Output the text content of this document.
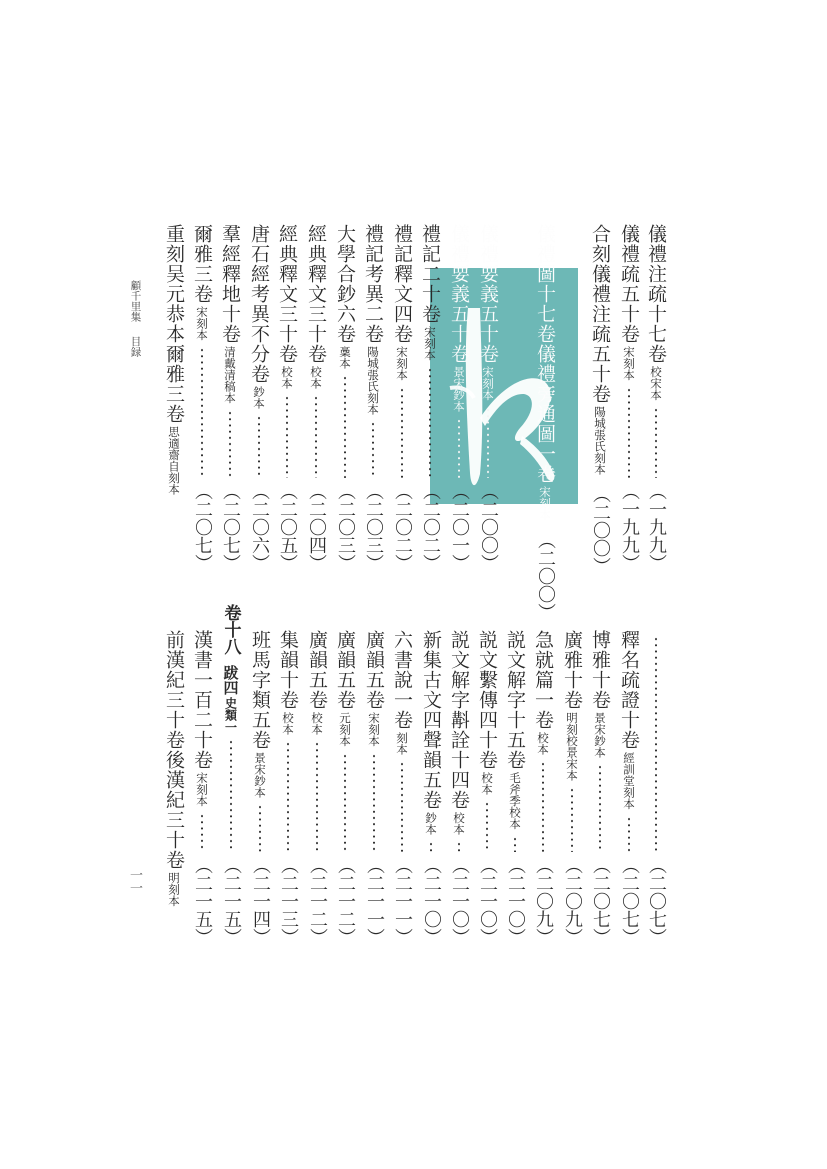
顧千里集
目録
一一
儀禮注疏十七卷
校宋本
（一九九）
儀禮疏五十卷
宋刻本
（一九九）
合刻儀禮注疏五十卷
陽城張氏刻本
（二〇〇）
儀禮圖十七卷儀禮旁通圖一卷
宋刻本
（二〇〇）
儀禮要義五十卷
宋刻本
（二〇〇）
儀禮要義五十卷
景宋鈔本
（二〇一）
禮記二十卷
宋刻本
（二〇二）
禮記釋文四卷
宋刻本
（二〇二）
禮記考異二卷
陽城張氏刻本
（二〇三）
大學合鈔六卷
稾本
（二〇三）
經典釋文三十卷
校本
（二〇四）
經典釋文三十卷
校本
（二〇五）
唐石經考異不分卷
鈔本
（二〇六）
羣經釋地十卷
清戴清稿本
（二〇七）
爾雅三卷
宋刻本
（二〇七）
重刻吴元恭本爾雅三卷
思適齋自刻本
（二〇七）
釋名疏證十卷
經訓堂刻本
（二〇七）
博雅十卷
景宋鈔本
（二〇七）
廣雅十卷
明刻校景宋本
（二〇九）
急就篇一卷
校本
（二〇九）
説文解字十五卷
毛斧季校本
（二一〇）
説文繫傳四十卷
校本
（二一〇）
説文解字斠詮十四卷
校本
（二一〇）
新集古文四聲韻五卷
鈔本
（二一〇）
六書說一卷
刻本
（二一一）
廣韻五卷
宋刻本
（二一一）
廣韻五卷
元刻本
（二一二）
廣韻五卷
校本
（二一二）
集韻十卷
校本
（二一三）
班馬字類五卷
景宋鈔本
（二一四）
卷十八跋四史類一
（二一五）
漢書一百二十卷
宋刻本
（二一五）
前漢紀三十卷後漢紀三十卷
明刻本
